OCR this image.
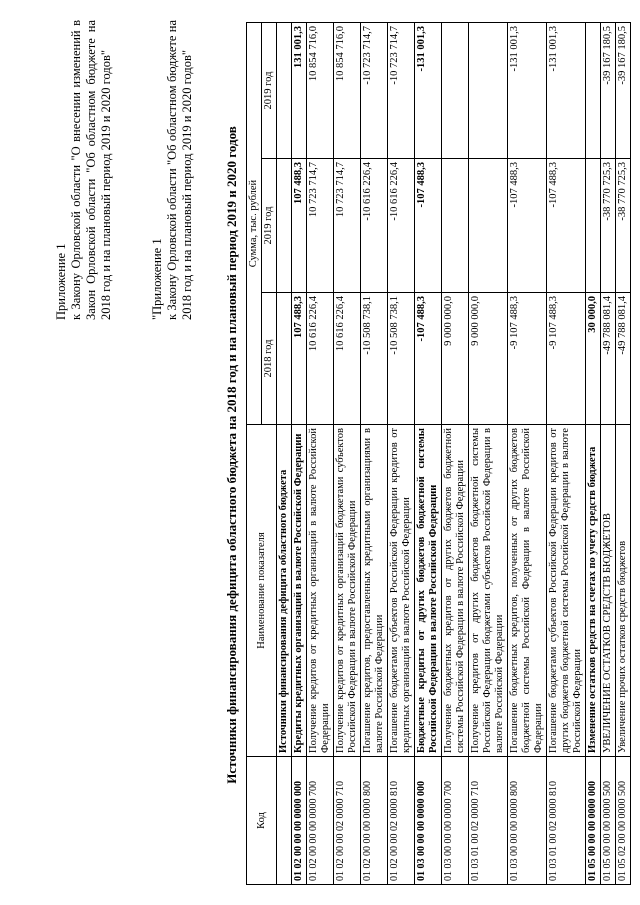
Приложение 1 к Закону Орловской области "О внесении изменений в Закон Орловской области "Об областном бюджете на 2018 год и на плановый период 2019 и 2020 годов"	"Приложение 1 к Закону Орловской области "Об областном бюджете на 2018 год и на плановый период 2019 и 2020 годов" Источники финансирования дефицита областного бюджета на 2018 год и на плановый период 2019 и 2020 годов
Код	Наименование показателя	Сумма, тыс. рублей		
		2018 год	2019 год	2019 год
	Источники финансирования дефицита областного бюджета			
01 02 00 00 00 0000 000	Кредиты кредитных организаций в валюте Российской Федерации	107 488,3	107 488,3	131 001,3
01 02 00 00 00 0000 700	Получение кредитов от кредитных организаций в валюте Российской Федерации	10 616 226,4	10 723 714,7	10 854 716,0
01 02 00 00 02 0000 710	Получение кредитов от кредитных организаций бюджетами субъектов Российской Федерации в валюте Российской Федерации	10 616 226,4	10 723 714,7	10 854 716,0
01 02 00 00 00 0000 800	Погашение кредитов, предоставленных кредитными организациями в валюте Российской Федерации	-10 508 738,1	-10 616 226,4	-10 723 714,7
01 02 00 00 02 0000 810	Погашение бюджетами субъектов Российской Федерации кредитов от кредитных организаций в валюте Российской Федерации	-10 508 738,1	-10 616 226,4	-10 723 714,7
01 03 00 00 00 0000 000	Бюджетные кредиты от других бюджетов бюджетной системы Российской Федерации в валюте Российской Федерации	-107 488,3	-107 488,3	-131 001,3
01 03 00 00 00 0000 700	Получение бюджетных кредитов от других бюджетов бюджетной системы Российской Федерации в валюте Российской Федерации	9 000 000,0		
01 03 01 00 02 0000 710	Получение кредитов от других бюджетов бюджетной системы Российской Федерации бюджетами субъектов Российской Федерации в валюте Российской Федерации	9 000 000,0		
01 03 00 00 00 0000 800	Погашение бюджетных кредитов, полученных от других бюджетов бюджетной системы Российской Федерации в валюте Российской Федерации	-9 107 488,3	-107 488,3	-131 001,3
01 03 01 00 02 0000 810	Погашение бюджетами субъектов Российской Федерации кредитов от других бюджетов бюджетной системы Российской Федерации в валюте Российской Федерации	-9 107 488,3	-107 488,3	-131 001,3
01 05 00 00 00 0000 000	Изменение остатков средств на счетах по учету средств бюджета	30 000,0		
01 05 00 00 00 0000 500	УВЕЛИЧЕНИЕ ОСТАТКОВ СРЕДСТВ БЮДЖЕТОВ	-49 788 081,4	-38 770 725,3	-39 167 180,5
01 05 02 00 00 0000 500	Увеличение прочих остатков средств бюджетов	-49 788 081,4	-38 770 725,3	-39 167 180,5
